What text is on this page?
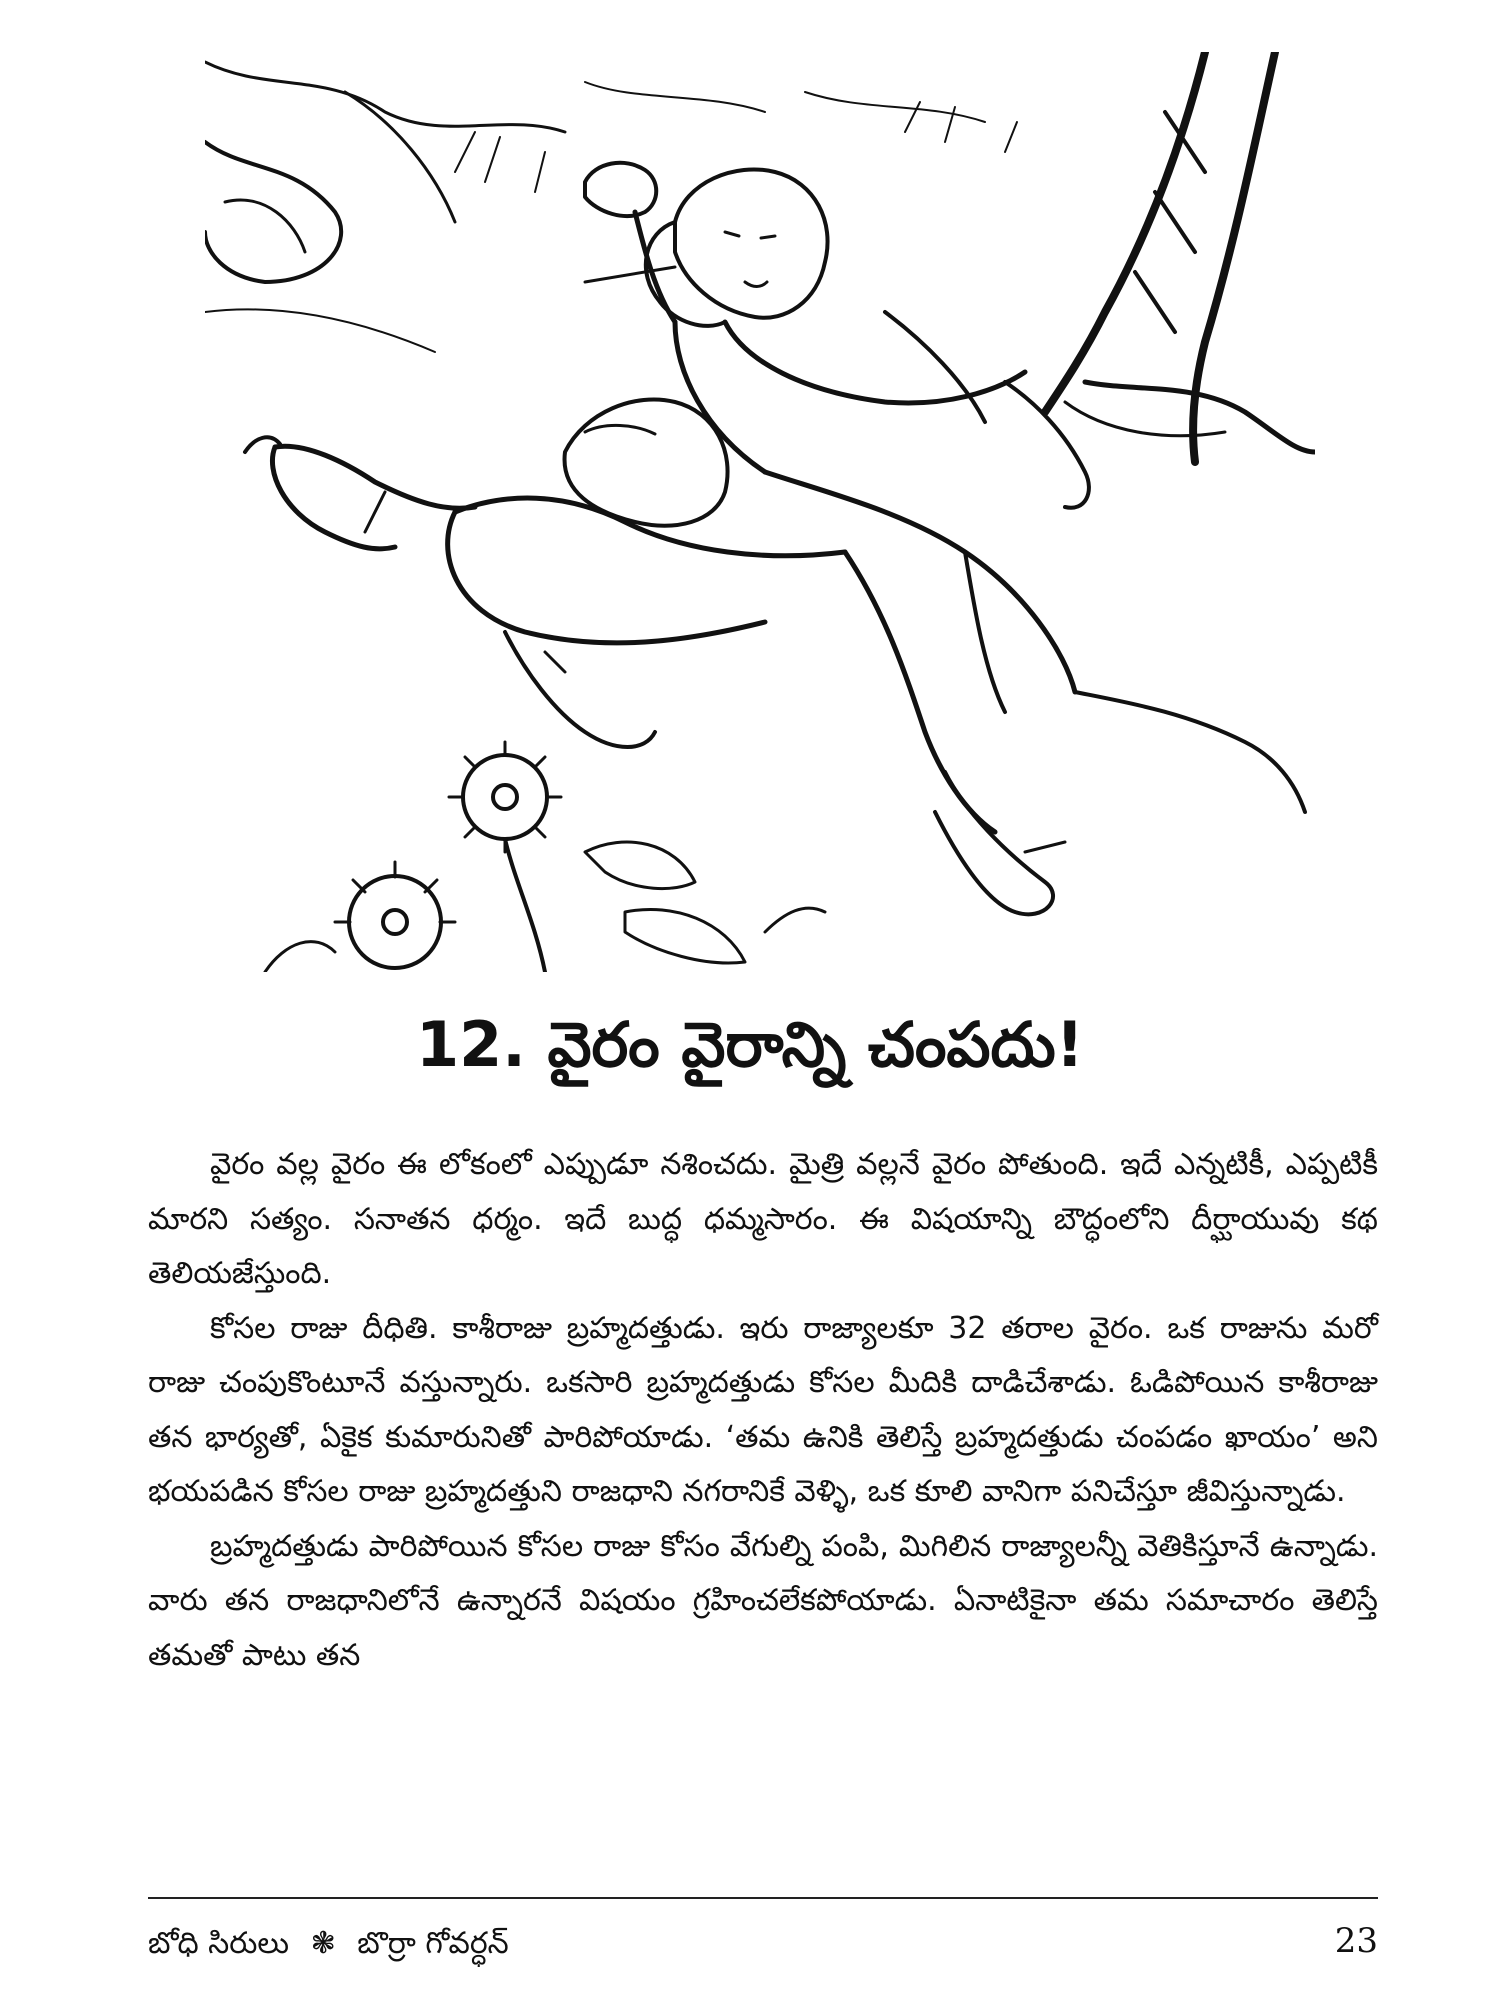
12. వైరం వైరాన్ని చంపదు!

వైరం వల్ల వైరం ఈ లోకంలో ఎప్పుడూ నశించదు. మైత్రి వల్లనే వైరం పోతుంది. ఇదే ఎన్నటికీ, ఎప్పటికీ మారని సత్యం. సనాతన ధర్మం. ఇదే బుద్ధ ధమ్మసారం. ఈ విషయాన్ని బౌద్ధంలోని దీర్ఘాయువు కథ తెలియజేస్తుంది.

కోసల రాజు దీధితి. కాశీరాజు బ్రహ్మదత్తుడు. ఇరు రాజ్యాలకూ 32 తరాల వైరం. ఒక రాజును మరో రాజు చంపుకొంటూనే వస్తున్నారు. ఒకసారి బ్రహ్మదత్తుడు కోసల మీదికి దాడిచేశాడు. ఓడిపోయిన కాశీరాజు తన భార్యతో, ఏకైక కుమారునితో పారిపోయాడు. ‘తమ ఉనికి తెలిస్తే బ్రహ్మదత్తుడు చంపడం ఖాయం’ అని భయపడిన కోసల రాజు బ్రహ్మదత్తుని రాజధాని నగరానికే వెళ్ళి, ఒక కూలి వానిగా పనిచేస్తూ జీవిస్తున్నాడు.

బ్రహ్మదత్తుడు పారిపోయిన కోసల రాజు కోసం వేగుల్ని పంపి, మిగిలిన రాజ్యాలన్నీ వెతికిస్తూనే ఉన్నాడు. వారు తన రాజధానిలోనే ఉన్నారనే విషయం గ్రహించలేకపోయాడు. ఏనాటికైనా తమ సమాచారం తెలిస్తే తమతో పాటు తన

బోధి సిరులు ❃ బొర్రా గోవర్ధన్	23
